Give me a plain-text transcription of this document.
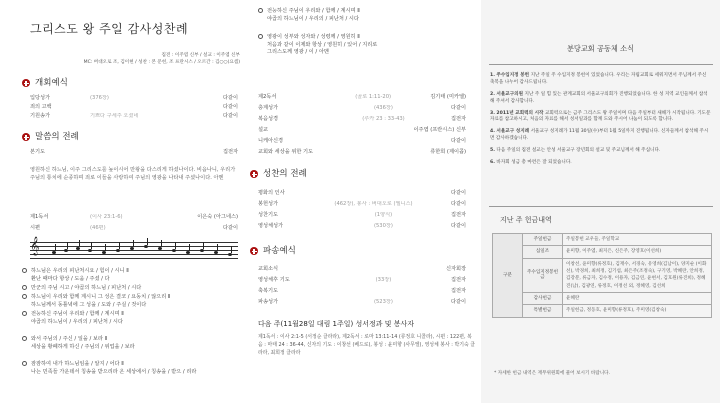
그리스도 왕 주일 감사성찬례
집전 : 이주엽 신부 / 설교 : 이주엽 신부
MC: 버대오로 조, 김이현 / 성찬 : 본 문헌, 조 프란시스 / 오르간 : 김○○(요셉)
개회예식
입당성가	(376장)	다같이
죄의 고백	다같이
기원송가	기쁘다 구세주 오셨네	다같이
말씀의 전례
본기도	집전자
영원하신 하느님, 이주 그리스도를 높이시어 만왕을 다스리게 하셨나이다. 비옵나니, 우리가 주님의 통치에 순종하며 죄로 이들을 사랑하여 주님의 영광을 나타내 주셨나이다. 아멘
제1독서	(이사 23:1-6)	이은숙 (아그네스)
시편	(46편)	다같이
𝄞
하느님은 우리의 피난처시요 / 힘이 / 시니 Ⅱ
환난 때마다 항상 / 도움 / 주셨 / 다
만군의 주님 시고 / 야곱의 하느님 / 피난처 / 시다
하느님이 우리와 함께 계시니 그 성은 결코 / 요동치 / 않으리 Ⅱ
하느님께서 동틀녘에 그 성을 / 도와 / 주실 / 것이다
전능하신 주님이 우리와 / 함께 / 계시며 Ⅱ
야곱의 하느님이 / 우리의 / 피난처 / 시다
와서 주님의 / 주신 / 일을 / 보라 Ⅱ
세상을 황폐하게 하신 / 주님의 / 위업을 / 보라
잠잠하여 내가 하느님임을 / 알지 / 어다 Ⅱ
나는 민족들 가운데서 칭송을 받으리라 온 세상에서 / 칭송을 / 받으 / 리라
전능하신 주님이 우리와 / 함께 / 계시며 Ⅱ
야곱의 하느님이 / 우리의 / 피난처 / 시다
영광이 성부와 성자와 / 성령께 / 영원히 Ⅱ
처음과 같이 이제와 항상 / 영원히 / 있어 / 지리로
그리스도께 영광 / 이 / 아멘
제2독서	(골로 1:11-20)	김기태 (미카엘)
층계성가	(436장)	다같이
복음성경	(루카 23 : 33-43)	집전자
설교	이주엽 (프란시스) 신부
니케아신경	다같이
교회와 세상을 위한 기도	류한희 (제이콥)
성찬의 전례
평화의 인사	다같이
봉헌성가	(462장), 봉사 : 버대오로 (엘니스)	다같이
성찬기도	(1양식)	집전자
영성체성가	(530장)	다같이
파송예식
교회소식	신자회장
영성체후 기도	(33장)	집전자
축복기도	집전자
파송성가	(523장)	다같이
다음 주(11월28일 대림 1주일) 성서정과 및 봉사자
제1독서 : 이사 2:1-5 (서정순 클라라), 제2독서 : 로마 13:11-14 (류정호 니콜라), 시편 : 122편, 복음 : 마태 24 : 36-44, 신자의 기도 : 이창선 (베드로), 봉성 : 윤미향 (사무엘), 영성체 봉사 : 박기숙 클라라, 최희정 클라라
분당교회 공동체 소식
1. 주수입지정 봉헌 지난 주일 주 수입지정 봉헌이 있었습니다. 우리는 자립교회로 세워지면서 주님께서 주신 축복을 나누어 감사드립니다.
2. 서울교구의원 지난 주 일 힘 있는 관계교회의 서울교구의회가 진행되었습니다. 한 성 지역 교인들께서 참석해 주셔서 감사합니다.
3. 2011년 교회력의 시작 교회력으로는 금주 그리스도 왕 주일이며 다음 주일부터 새해가 시작됩니다. 기도문 자료를 참고하시고, 처음의 자료를 해서 성서일과를 함께 도와 주시어 나눔이 되도록 합니다.
4. 서울교구 성지례 서울교구 성지례가 11월 30일(수)부터 1월 5일까지 진행됩니다. 신자들께서 참석해 주시면 감사하겠습니다.
5. 다음 주일의 집전 설교는 안성 서울교구 장년회의 설교 및 주교님께서 해 주십니다.
6. 바자회 성금 총 마련은 잘 되었습니다.
지난 주 헌금내역
구분	주일헌금	주일봉헌 교우들, 주일학교
	십일조	윤미향, 이주엽, 최지은, 신은주, 장영호(이선희)
	주수입지정봉헌금	이창선, 윤미향(류정호), 김재수, 서경숙, 유영희(김남이), 양지순 (이화선), 박경희, 최희정, 김기섭, 최은주(조정숙), 구기영, 박혜란, 안희정, 김강분, 류금자, 김수정, 이용자, 김금연, 윤현서, 김호원(류진희), 정혜진(남), 김광연, 류정호, 이정선 외, 정혜영, 김선희
	감사헌금	윤혜란
	특별헌금	주일헌금, 정동호, 윤미향(류정호), 주미영(김창숙)
* 자세한 헌금 내역은 재무위원회에 물어 보시기 바랍니다.
